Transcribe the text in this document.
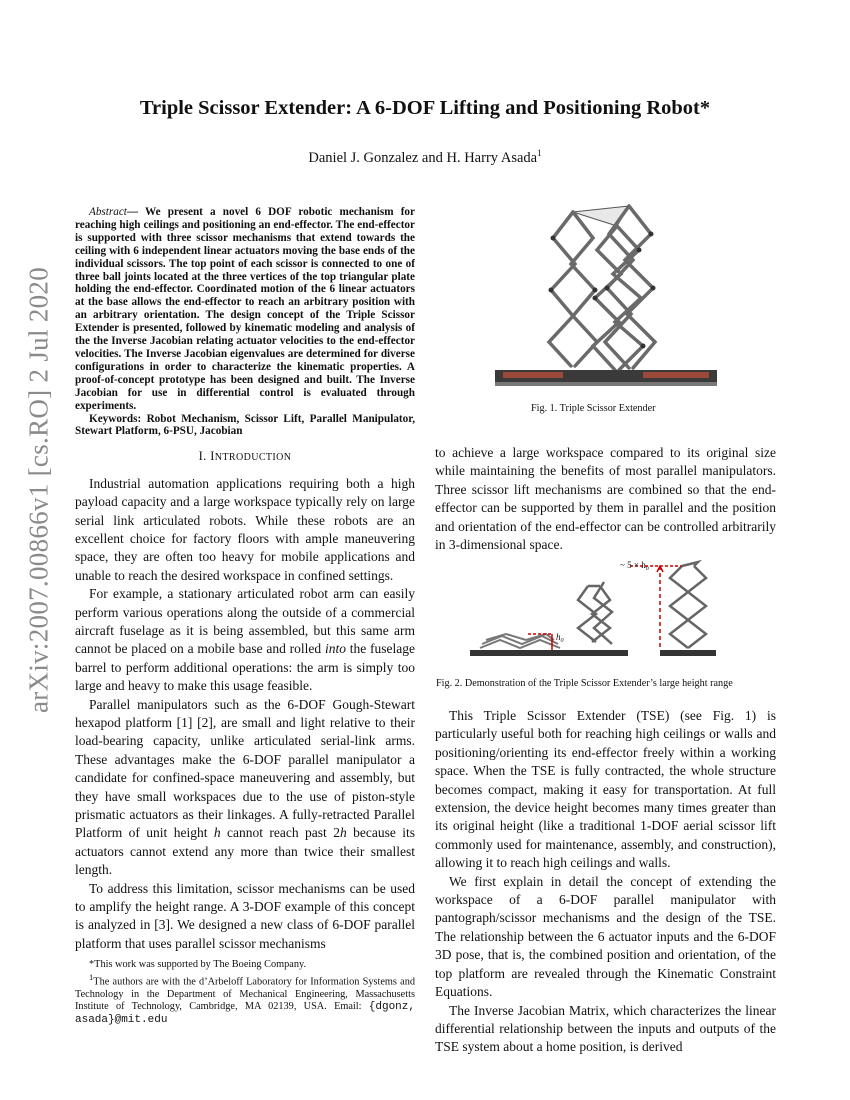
arXiv:2007.00866v1 [cs.RO] 2 Jul 2020
Triple Scissor Extender: A 6-DOF Lifting and Positioning Robot*
Daniel J. Gonzalez and H. Harry Asada$^1$

Abstract— We present a novel 6 DOF robotic mechanism for reaching high ceilings and positioning an end-effector. The end-effector is supported with three scissor mechanisms that extend towards the ceiling with 6 independent linear actuators moving the base ends of the individual scissors. The top point of each scissor is connected to one of three ball joints located at the three vertices of the top triangular plate holding the end-effector. Coordinated motion of the 6 linear actuators at the base allows the end-effector to reach an arbitrary position with an arbitrary orientation. The design concept of the Triple Scissor Extender is presented, followed by kinematic modeling and analysis of the the Inverse Jacobian relating actuator velocities to the end-effector velocities. The Inverse Jacobian eigenvalues are determined for diverse configurations in order to characterize the kinematic properties. A proof-of-concept prototype has been designed and built. The Inverse Jacobian for use in differential control is evaluated through experiments.

Keywords: Robot Mechanism, Scissor Lift, Parallel Manipulator, Stewart Platform, 6-PSU, Jacobian

I. INTRODUCTION

Industrial automation applications requiring both a high payload capacity and a large workspace typically rely on large serial link articulated robots. While these robots are an excellent choice for factory floors with ample maneuvering space, they are often too heavy for mobile applications and unable to reach the desired workspace in confined settings.

For example, a stationary articulated robot arm can easily perform various operations along the outside of a commercial aircraft fuselage as it is being assembled, but this same arm cannot be placed on a mobile base and rolled into the fuselage barrel to perform additional operations: the arm is simply too large and heavy to make this usage feasible.

Parallel manipulators such as the 6-DOF Gough-Stewart hexapod platform [1] [2], are small and light relative to their load-bearing capacity, unlike articulated serial-link arms. These advantages make the 6-DOF parallel manipulator a candidate for confined-space maneuvering and assembly, but they have small workspaces due to the use of piston-style prismatic actuators as their linkages. A fully-retracted Parallel Platform of unit height h cannot reach past 2h because its actuators cannot extend any more than twice their smallest length.

To address this limitation, scissor mechanisms can be used to amplify the height range. A 3-DOF example of this concept is analyzed in [3]. We designed a new class of 6-DOF parallel platform that uses parallel scissor mechanisms

*This work was supported by The Boeing Company.

$^1$The authors are with the d’Arbeloff Laboratory for Information Systems and Technology in the Department of Mechanical Engineering, Massachusetts Institute of Technology, Cambridge, MA 02139, USA. Email: {dgonz, asada}@mit.edu

Fig. 1. Triple Scissor Extender

to achieve a large workspace compared to its original size while maintaining the benefits of most parallel manipulators. Three scissor lift mechanisms are combined so that the end-effector can be supported by them in parallel and the position and orientation of the end-effector can be controlled arbitrarily in 3-dimensional space.

$h_0$
~ $5 \times h_0$
Fig. 2. Demonstration of the Triple Scissor Extender’s large height range

This Triple Scissor Extender (TSE) (see Fig. 1) is particularly useful both for reaching high ceilings or walls and positioning/orienting its end-effector freely within a working space. When the TSE is fully contracted, the whole structure becomes compact, making it easy for transportation. At full extension, the device height becomes many times greater than its original height (like a traditional 1-DOF aerial scissor lift commonly used for maintenance, assembly, and construction), allowing it to reach high ceilings and walls.

We first explain in detail the concept of extending the workspace of a 6-DOF parallel manipulator with pantograph/scissor mechanisms and the design of the TSE. The relationship between the 6 actuator inputs and the 6-DOF 3D pose, that is, the combined position and orientation, of the top platform are revealed through the Kinematic Constraint Equations.

The Inverse Jacobian Matrix, which characterizes the linear differential relationship between the inputs and outputs of the TSE system about a home position, is derived
